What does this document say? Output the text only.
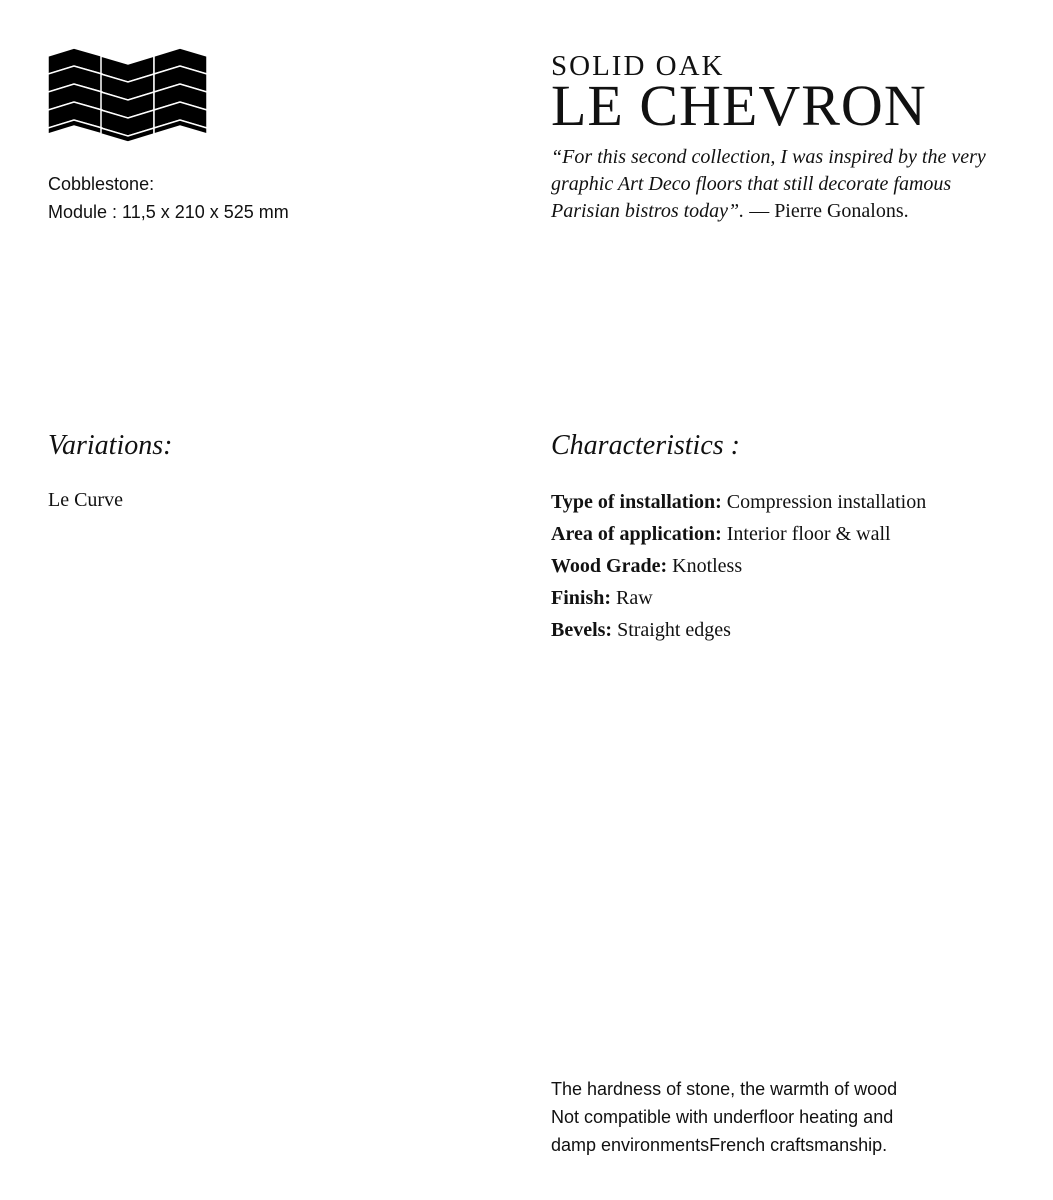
Cobblestone:
Module : 11,5 x 210 x 525 mm
SOLID OAK
LE CHEVRON
“For this second collection, I was inspired by the very graphic Art Deco floors that still decorate famous Parisian bistros today”. — Pierre Gonalons.
Variations:
Le Curve
Characteristics :
Type of installation: Compression installation
Area of application: Interior floor & wall
Wood Grade: Knotless
Finish: Raw
Bevels: Straight edges
The hardness of stone, the warmth of wood
Not compatible with underfloor heating and damp environmentsFrench craftsmanship.
